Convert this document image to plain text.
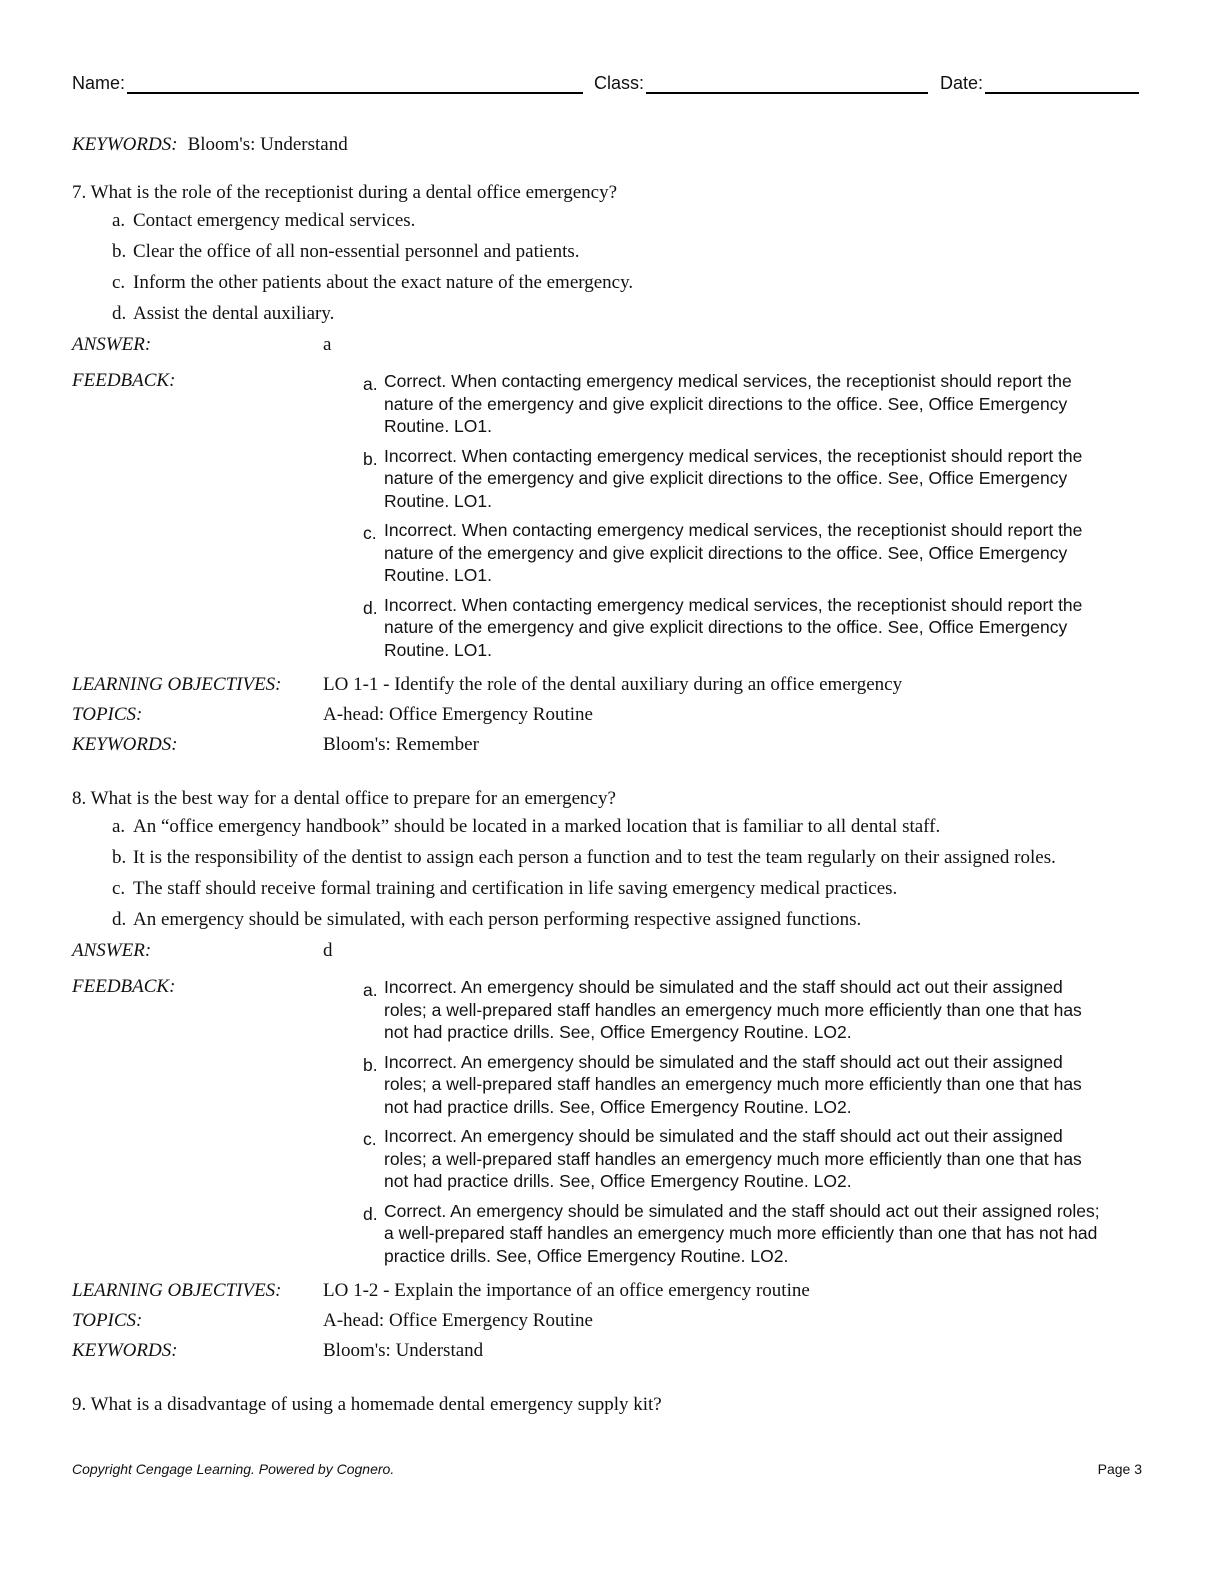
Name:	Class:	Date:
KEYWORDS: Bloom's: Understand
7. What is the role of the receptionist during a dental office emergency?
a. Contact emergency medical services.
b. Clear the office of all non-essential personnel and patients.
c. Inform the other patients about the exact nature of the emergency.
d. Assist the dental auxiliary.
ANSWER:	a
FEEDBACK:	a. Correct. When contacting emergency medical services, the receptionist should report the nature of the emergency and give explicit directions to the office. See, Office Emergency Routine. LO1.
b. Incorrect. When contacting emergency medical services, the receptionist should report the nature of the emergency and give explicit directions to the office. See, Office Emergency Routine. LO1.
c. Incorrect. When contacting emergency medical services, the receptionist should report the nature of the emergency and give explicit directions to the office. See, Office Emergency Routine. LO1.
d. Incorrect. When contacting emergency medical services, the receptionist should report the nature of the emergency and give explicit directions to the office. See, Office Emergency Routine. LO1.
LEARNING OBJECTIVES:	LO 1-1 - Identify the role of the dental auxiliary during an office emergency
TOPICS:	A-head: Office Emergency Routine
KEYWORDS:	Bloom's: Remember
8. What is the best way for a dental office to prepare for an emergency?
a. An “office emergency handbook” should be located in a marked location that is familiar to all dental staff.
b. It is the responsibility of the dentist to assign each person a function and to test the team regularly on their assigned roles.
c. The staff should receive formal training and certification in life saving emergency medical practices.
d. An emergency should be simulated, with each person performing respective assigned functions.
ANSWER:	d
FEEDBACK:	a. Incorrect. An emergency should be simulated and the staff should act out their assigned roles; a well-prepared staff handles an emergency much more efficiently than one that has not had practice drills. See, Office Emergency Routine. LO2.
b. Incorrect. An emergency should be simulated and the staff should act out their assigned roles; a well-prepared staff handles an emergency much more efficiently than one that has not had practice drills. See, Office Emergency Routine. LO2.
c. Incorrect. An emergency should be simulated and the staff should act out their assigned roles; a well-prepared staff handles an emergency much more efficiently than one that has not had practice drills. See, Office Emergency Routine. LO2.
d. Correct. An emergency should be simulated and the staff should act out their assigned roles; a well-prepared staff handles an emergency much more efficiently than one that has not had practice drills. See, Office Emergency Routine. LO2.
LEARNING OBJECTIVES:	LO 1-2 - Explain the importance of an office emergency routine
TOPICS:	A-head: Office Emergency Routine
KEYWORDS:	Bloom's: Understand
9. What is a disadvantage of using a homemade dental emergency supply kit?
Copyright Cengage Learning. Powered by Cognero.	Page 3
